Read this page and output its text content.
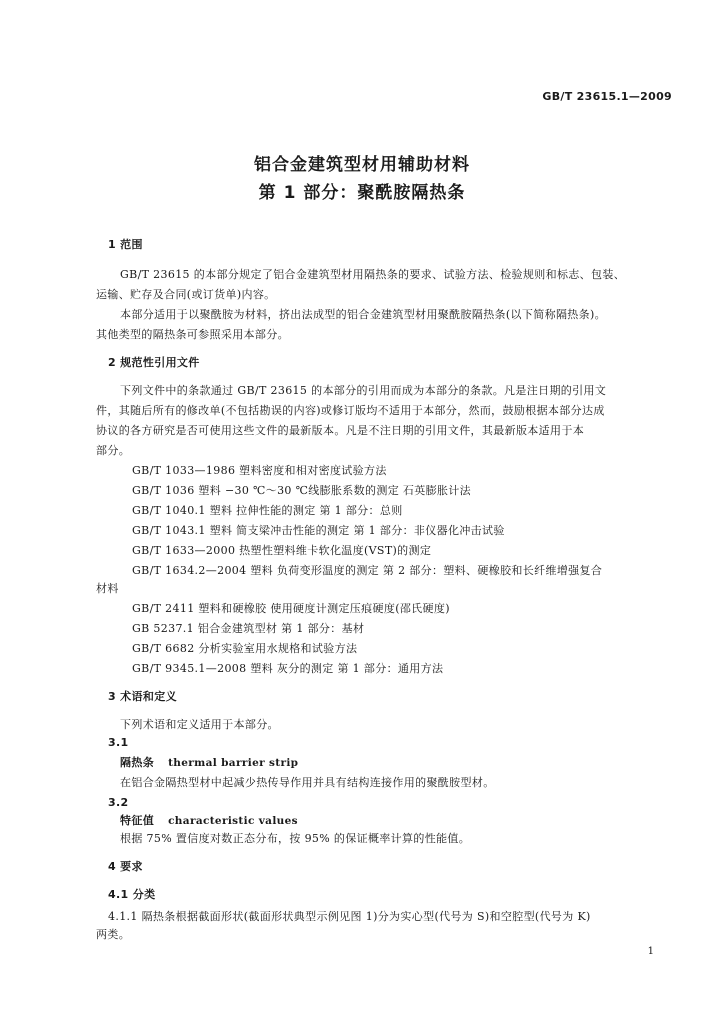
GB/T 23615.1—2009
铝合金建筑型材用辅助材料
第 1 部分：聚酰胺隔热条
1 范围
GB/T 23615 的本部分规定了铝合金建筑型材用隔热条的要求、试验方法、检验规则和标志、包装、
运输、贮存及合同(或订货单)内容。
本部分适用于以聚酰胺为材料，挤出法成型的铝合金建筑型材用聚酰胺隔热条(以下简称隔热条)。
其他类型的隔热条可参照采用本部分。
2 规范性引用文件
下列文件中的条款通过 GB/T 23615 的本部分的引用而成为本部分的条款。凡是注日期的引用文
件，其随后所有的修改单(不包括勘误的内容)或修订版均不适用于本部分，然而，鼓励根据本部分达成
协议的各方研究是否可使用这些文件的最新版本。凡是不注日期的引用文件，其最新版本适用于本
部分。
GB/T 1033—1986 塑料密度和相对密度试验方法
GB/T 1036 塑料 −30 ℃～30 ℃线膨胀系数的测定 石英膨胀计法
GB/T 1040.1 塑料 拉伸性能的测定 第 1 部分：总则
GB/T 1043.1 塑料 简支梁冲击性能的测定 第 1 部分：非仪器化冲击试验
GB/T 1633—2000 热塑性塑料维卡软化温度(VST)的测定
GB/T 1634.2—2004 塑料 负荷变形温度的测定 第 2 部分：塑料、硬橡胶和长纤维增强复合
材料
GB/T 2411 塑料和硬橡胶 使用硬度计测定压痕硬度(邵氏硬度)
GB 5237.1 铝合金建筑型材 第 1 部分：基材
GB/T 6682 分析实验室用水规格和试验方法
GB/T 9345.1—2008 塑料 灰分的测定 第 1 部分：通用方法
3 术语和定义
下列术语和定义适用于本部分。
3.1
隔热条 thermal barrier strip
在铝合金隔热型材中起减少热传导作用并具有结构连接作用的聚酰胺型材。
3.2
特征值 characteristic values
根据 75% 置信度对数正态分布，按 95% 的保证概率计算的性能值。
4 要求
4.1 分类
4.1.1 隔热条根据截面形状(截面形状典型示例见图 1)分为实心型(代号为 S)和空腔型(代号为 K)
两类。
1
